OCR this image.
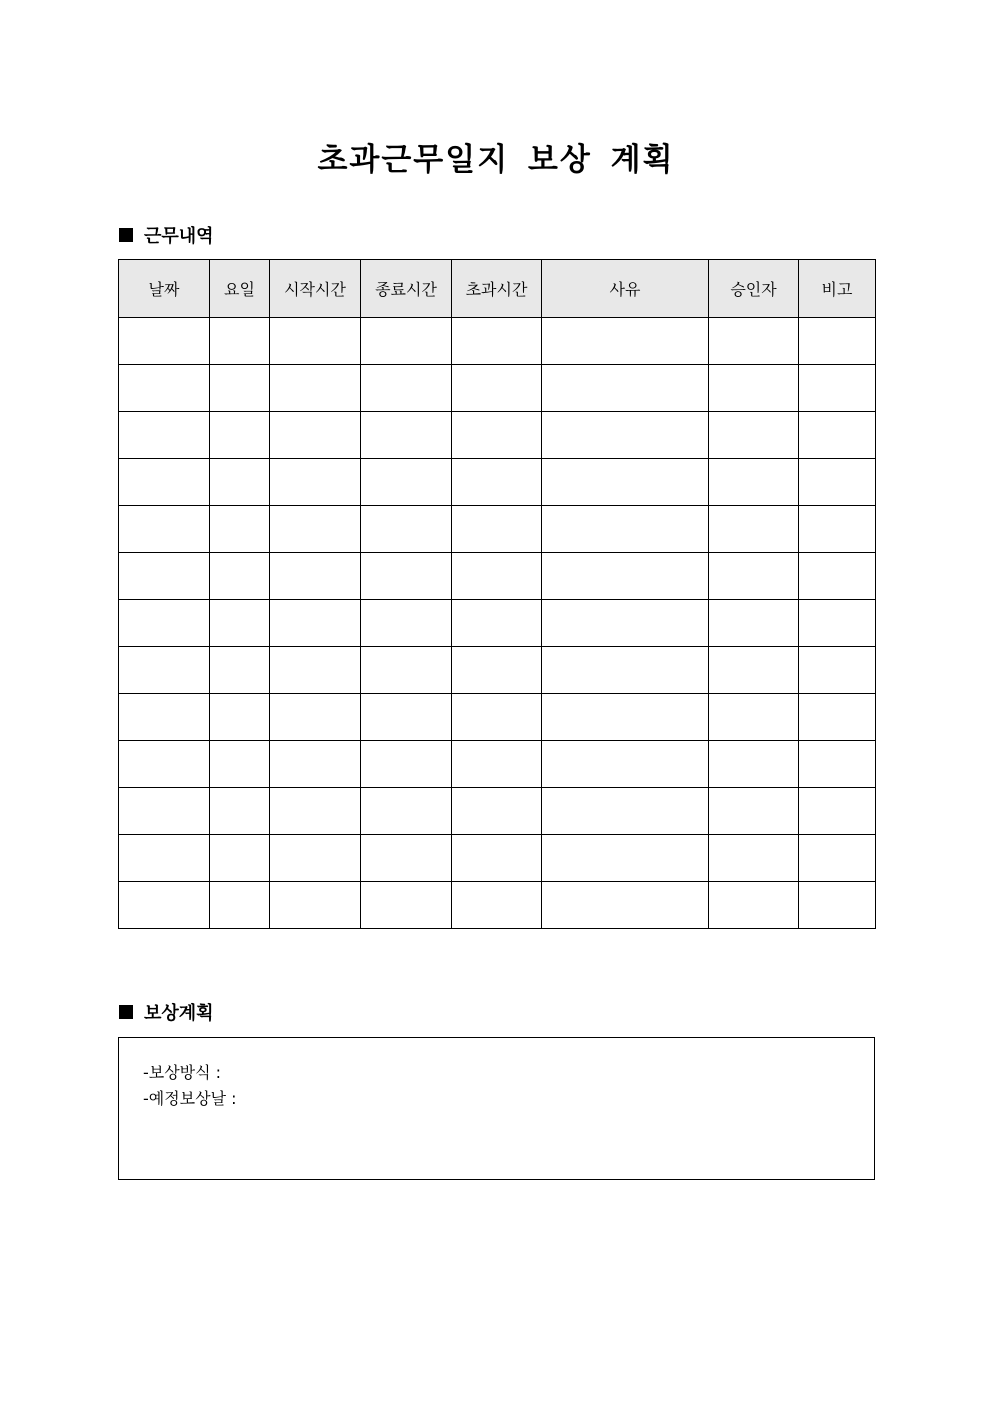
초과근무일지 보상 계획
근무내역
날짜	요일	시작시간	종료시간	초과시간	사유	승인자	비고

보상계획
-보상방식 :
-예정보상날 :
